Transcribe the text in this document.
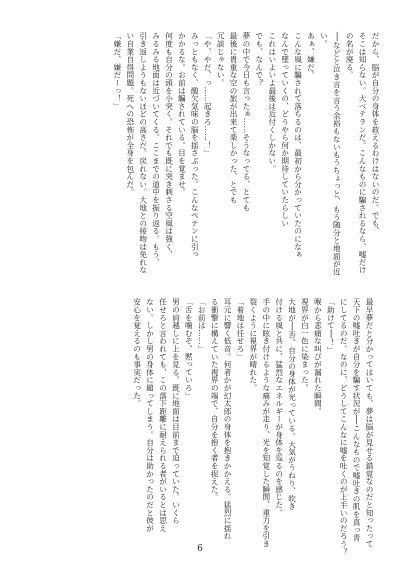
だから、脳が自分の身体を救えるわけはないのだ。でも、
そこは知らない。大ベテランだ。こんなものに騙されるなら、嘘だけ
の名が廃る。
──などと泣き言を言う余裕もないもうちょっと、もう随分と地面が近
い。
あぁ、嫌だ。
こんな風に騙されて落ちるのは、最初から分かっていたのになぁ
なんで墜っていくの、どうやら何か期待していたらしい
これはいよいよ最後は近付くしかない。
でも、なんで？
夢の中で今日も言ったぁ……そうなってる、とても
最後に貴重な空の旅が出来て楽しかった、とでも
冗談じゃない。
「や、やだ、っ……起きろ……！」
みっともなく、酸欠気味の脳を揺さぶった。こんなぺテンに引っ
かかるな。お前は騙されている。目を覚ませ。
何度も自分の頭を小突く。それでも既に突き刺さる空風は強く、
みるみる地面は近づいてくる。ここまでの道中を振り返る。もう、
引き返しようもないほどの高さだ。戻れない。大地との接吻は免れな
い自業自得問題。死への恐怖が全身を包んだ。
「嫌だ、嫌だーっ！」
最早夢だと分かってはいても、夢は脳が見せる錯覚なのだと知ったって
天下の嘘吐きが自分を騙す状況が──こんなもので嘘吐きの肌を真っ青
にしてるのだ。なのに、どうしてこんなに嘘を吐くのが上手いのだろう？
「助けて──！」
喉から悲痛な叫びが漏れた瞬間。
視界が白一色に染まった。
大地が──否、自分の身体が光っている。大気がうねり、吹き
付ける風と共に、猛烈なエネルギーが身体を巡るのを感じた。
手の中に眩き付けるような痛みが走り、光を知覚した瞬間、重力を引き
裂くように視界が晴れた。
「着地は任せろ」
耳元に響く低音。何者かが幻太郎の身体を抱きかかえる。猛烈に揺れ
る衝撃に構えていた視界の端で、自分を抱く者を捉えた。
「お前は……」
「舌を噛むぞ、黙っていろ」
男の肩越しに上を見る。既に地面は目前まで迫っていた。いくら
任せろと言われても、この落下距離に耐えられる者がいるとは思え
ない。しかし男の身体に縋ってしまう。自分は助かったのだと彼が
安心を覚えるのも事実だった。
6
